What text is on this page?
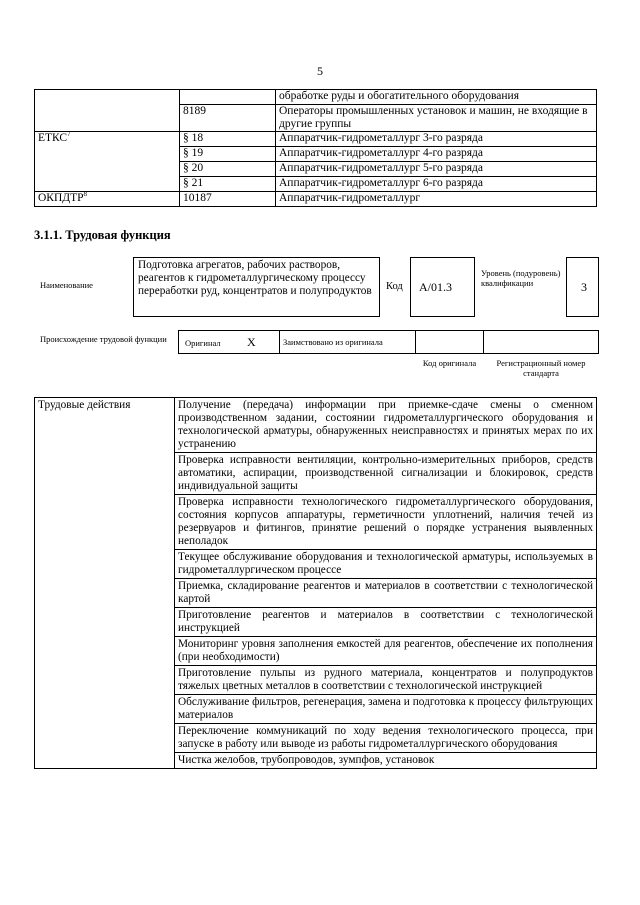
5
		обработке руды и обогатительного оборудования
	8189	Операторы промышленных установок и машин, не входящие в другие группы
ЕТКС$^7$	§ 18	Аппаратчик-гидрометаллург 3-го разряда
	§ 19	Аппаратчик-гидрометаллург 4-го разряда
	§ 20	Аппаратчик-гидрометаллург 5-го разряда
	§ 21	Аппаратчик-гидрометаллург 6-го разряда
ОКПДТР$^8$	10187	Аппаратчик-гидрометаллург
3.1.1. Трудовая функция
Наименование
Подготовка агрегатов, рабочих растворов, реагентов к гидрометаллургическому процессу переработки руд, концентратов и полупродуктов	Код	A/01.3
Уровень (подуровень) квалификации	3
Происхождение трудовой функции	Оригинал X	Заимствовано из оригинала
Код оригинала	Регистрационный номер стандарта
Трудовые действия	Получение (передача) информации при приемке-сдаче смены о сменном производственном задании, состоянии гидрометаллургического оборудования и технологической арматуры, обнаруженных неисправностях и принятых мерах по их устранению
Проверка исправности вентиляции, контрольно-измерительных приборов, средств автоматики, аспирации, производственной сигнализации и блокировок, средств индивидуальной защиты
Проверка исправности технологического гидрометаллургического оборудования, состояния корпусов аппаратуры, герметичности уплотнений, наличия течей из резервуаров и фитингов, принятие решений о порядке устранения выявленных неполадок
Текущее обслуживание оборудования и технологической арматуры, используемых в гидрометаллургическом процессе
Приемка, складирование реагентов и материалов в соответствии с технологической картой
Приготовление реагентов и материалов в соответствии с технологической инструкцией
Мониторинг уровня заполнения емкостей для реагентов, обеспечение их пополнения (при необходимости)
Приготовление пульпы из рудного материала, концентратов и полупродуктов тяжелых цветных металлов в соответствии с технологической инструкцией
Обслуживание фильтров, регенерация, замена и подготовка к процессу фильтрующих материалов
Переключение коммуникаций по ходу ведения технологического процесса, при запуске в работу или выводе из работы гидрометаллургического оборудования
Чистка желобов, трубопроводов, зумпфов, установок
